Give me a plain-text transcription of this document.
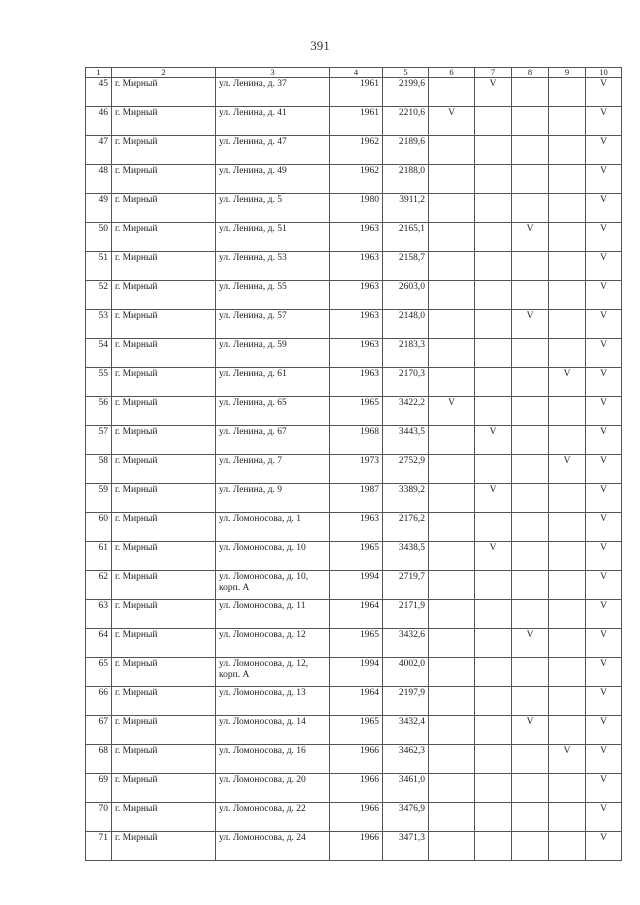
391
1	2	3	4	5	6	7	8	9	10
45	г. Мирный	ул. Ленина, д. 37	1961	2199,6		V			V
46	г. Мирный	ул. Ленина, д. 41	1961	2210,6	V				V
47	г. Мирный	ул. Ленина, д. 47	1962	2189,6					V
48	г. Мирный	ул. Ленина, д. 49	1962	2188,0					V
49	г. Мирный	ул. Ленина, д. 5	1980	3911,2					V
50	г. Мирный	ул. Ленина, д. 51	1963	2165,1			V		V
51	г. Мирный	ул. Ленина, д. 53	1963	2158,7					V
52	г. Мирный	ул. Ленина, д. 55	1963	2603,0					V
53	г. Мирный	ул. Ленина, д. 57	1963	2148,0			V		V
54	г. Мирный	ул. Ленина, д. 59	1963	2183,3					V
55	г. Мирный	ул. Ленина, д. 61	1963	2170,3				V	V
56	г. Мирный	ул. Ленина, д. 65	1965	3422,2	V				V
57	г. Мирный	ул. Ленина, д. 67	1968	3443,5		V			V
58	г. Мирный	ул. Ленина, д. 7	1973	2752,9				V	V
59	г. Мирный	ул. Ленина, д. 9	1987	3389,2		V			V
60	г. Мирный	ул. Ломоносова, д. 1	1963	2176,2					V
61	г. Мирный	ул. Ломоносова, д. 10	1965	3438,5		V			V
62	г. Мирный	ул. Ломоносова, д. 10, корп. А	1994	2719,7					V
63	г. Мирный	ул. Ломоносова, д. 11	1964	2171,9					V
64	г. Мирный	ул. Ломоносова, д. 12	1965	3432,6			V		V
65	г. Мирный	ул. Ломоносова, д. 12, корп. А	1994	4002,0					V
66	г. Мирный	ул. Ломоносова, д. 13	1964	2197,9					V
67	г. Мирный	ул. Ломоносова, д. 14	1965	3432,4			V		V
68	г. Мирный	ул. Ломоносова, д. 16	1966	3462,3				V	V
69	г. Мирный	ул. Ломоносова, д. 20	1966	3461,0					V
70	г. Мирный	ул. Ломоносова, д. 22	1966	3476,9					V
71	г. Мирный	ул. Ломоносова, д. 24	1966	3471,3					V
